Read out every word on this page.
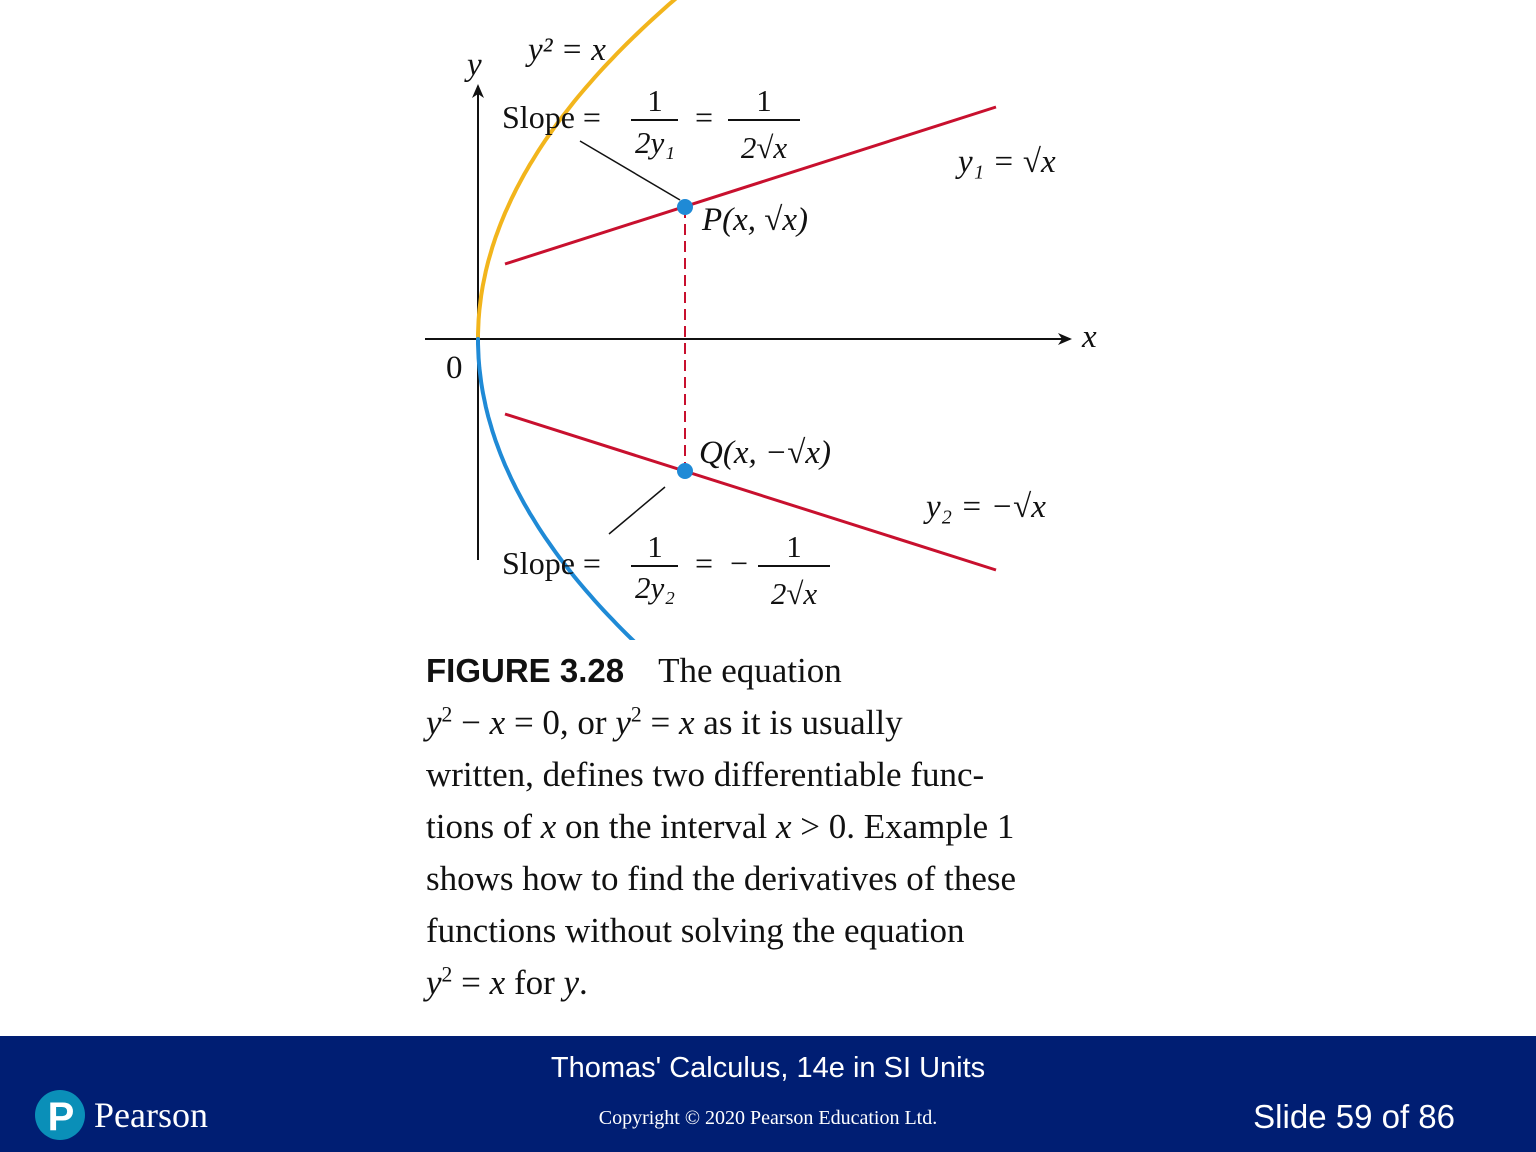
y² = x
y
x
0
y₁ = √x
y₂ = −√x
P(x, √x)
Q(x, −√x)
Slope = 1
2y₁
= 1
2√x
Slope = 1
2y₂
= − 1
2√x
FIGURE 3.28 The equation
$y^2 - x = 0$, or $y^2 = x$ as it is usually
written, defines two differentiable func-
tions of x on the interval x > 0. Example 1
shows how to find the derivatives of these
functions without solving the equation
$y^2 = x$ for y.
Thomas' Calculus, 14e in SI Units
Copyright © 2020 Pearson Education Ltd.	Slide 59 of 86
P Pearson
